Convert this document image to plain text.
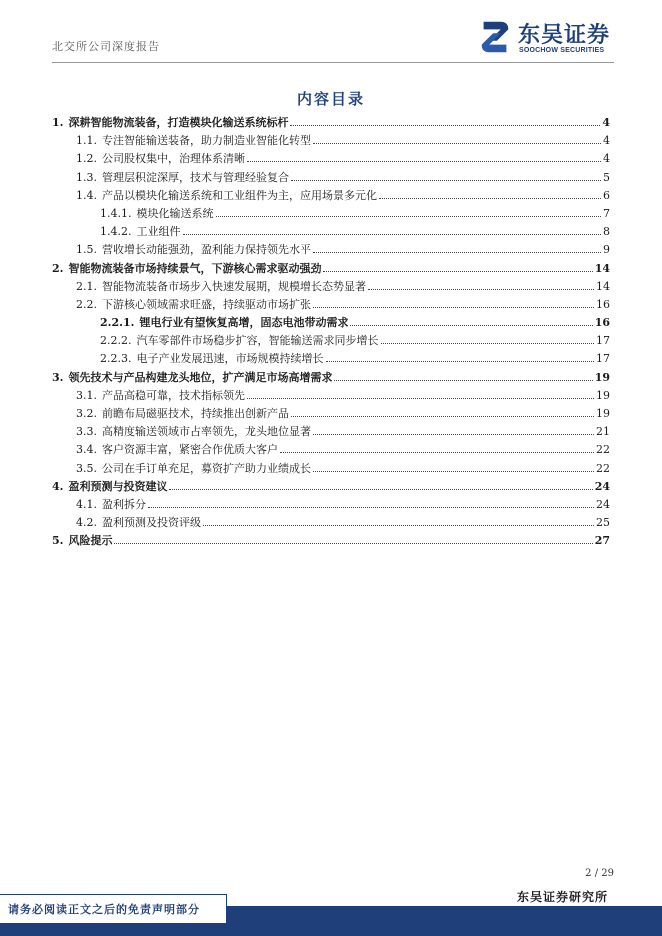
北交所公司深度报告	东吴证券
SOOCHOW SECURITIES
内容目录
1. 深耕智能物流装备，打造模块化输送系统标杆	4
1.1. 专注智能输送装备，助力制造业智能化转型	4
1.2. 公司股权集中，治理体系清晰	4
1.3. 管理层积淀深厚，技术与管理经验复合	5
1.4. 产品以模块化输送系统和工业组件为主，应用场景多元化	6
1.4.1. 模块化输送系统	7
1.4.2. 工业组件	8
1.5. 营收增长动能强劲，盈利能力保持领先水平	9
2. 智能物流装备市场持续景气，下游核心需求驱动强劲	14
2.1. 智能物流装备市场步入快速发展期，规模增长态势显著	14
2.2. 下游核心领域需求旺盛，持续驱动市场扩张	16
2.2.1. 锂电行业有望恢复高增，固态电池带动需求	16
2.2.2. 汽车零部件市场稳步扩容，智能输送需求同步增长	17
2.2.3. 电子产业发展迅速，市场规模持续增长	17
3. 领先技术与产品构建龙头地位，扩产满足市场高增需求	19
3.1. 产品高稳可靠，技术指标领先	19
3.2. 前瞻布局磁驱技术，持续推出创新产品	19
3.3. 高精度输送领域市占率领先，龙头地位显著	21
3.4. 客户资源丰富，紧密合作优质大客户	22
3.5. 公司在手订单充足，募资扩产助力业绩成长	22
4. 盈利预测与投资建议	24
4.1. 盈利拆分	24
4.2. 盈利预测及投资评级	25
5. 风险提示	27
2 / 29
东吴证券研究所
请务必阅读正文之后的免责声明部分
